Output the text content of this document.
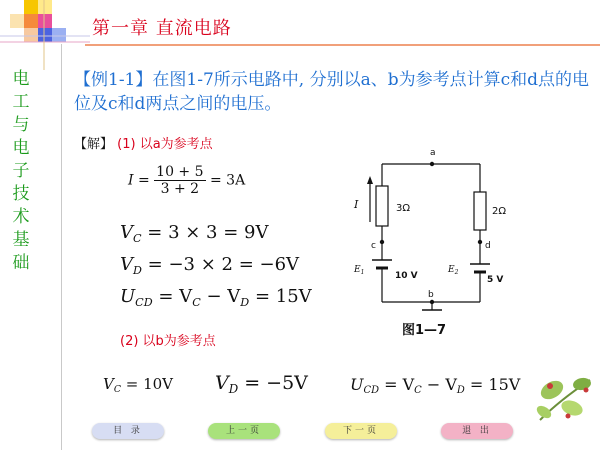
第一章 直流电路
电
工
与
电
子
技
术
基
础
【例1-1】在图1-7所示电路中, 分别以a、b为参考点计算c和d点的电位及c和d两点之间的电压。
【解】 (1) 以a为参考点
$I = \frac{10 + 5}{3 + 2} = 3A$
VC = 3 × 3 = 9V
VD = −3 × 2 = −6V
UCD = VC − VD = 15V
(2) 以b为参考点
VC = 10V VD = −5V	UCD = VC − VD = 15V
a
3Ω
I
2Ω
c	d
$E_1$	10 V
$E_2$
5 V
b
图1—7
目 录	上一页	下一页	退 出
